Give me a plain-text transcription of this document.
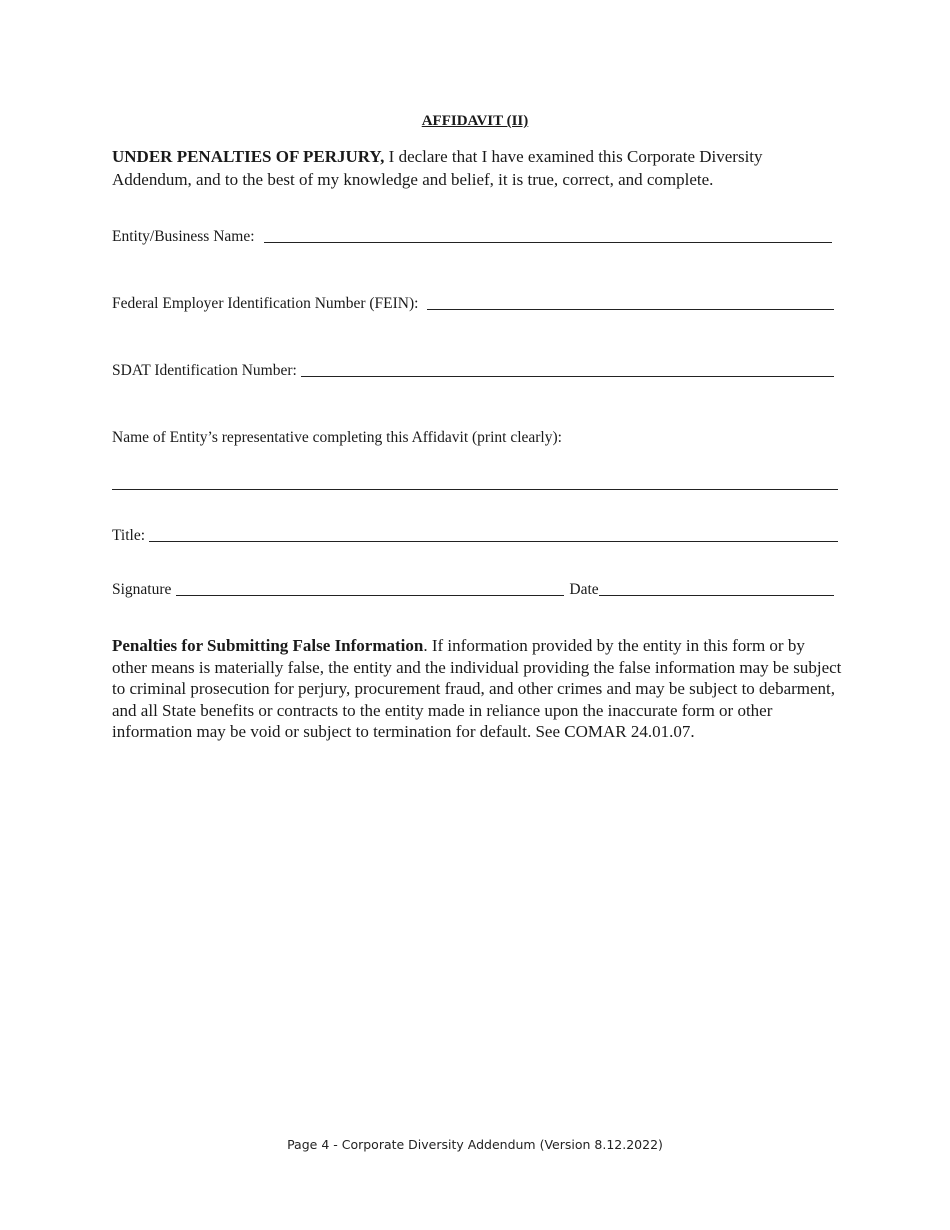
AFFIDAVIT (II)
UNDER PENALTIES OF PERJURY, I declare that I have examined this Corporate Diversity Addendum, and to the best of my knowledge and belief, it is true, correct, and complete.
Entity/Business Name:
Federal Employer Identification Number (FEIN):
SDAT Identification Number:
Name of Entity’s representative completing this Affidavit (print clearly):
Title:
Signature	Date
Penalties for Submitting False Information. If information provided by the entity in this form or by other means is materially false, the entity and the individual providing the false information may be subject to criminal prosecution for perjury, procurement fraud, and other crimes and may be subject to debarment, and all State benefits or contracts to the entity made in reliance upon the inaccurate form or other information may be void or subject to termination for default. See COMAR 24.01.07.
Page 4 - Corporate Diversity Addendum (Version 8.12.2022)
